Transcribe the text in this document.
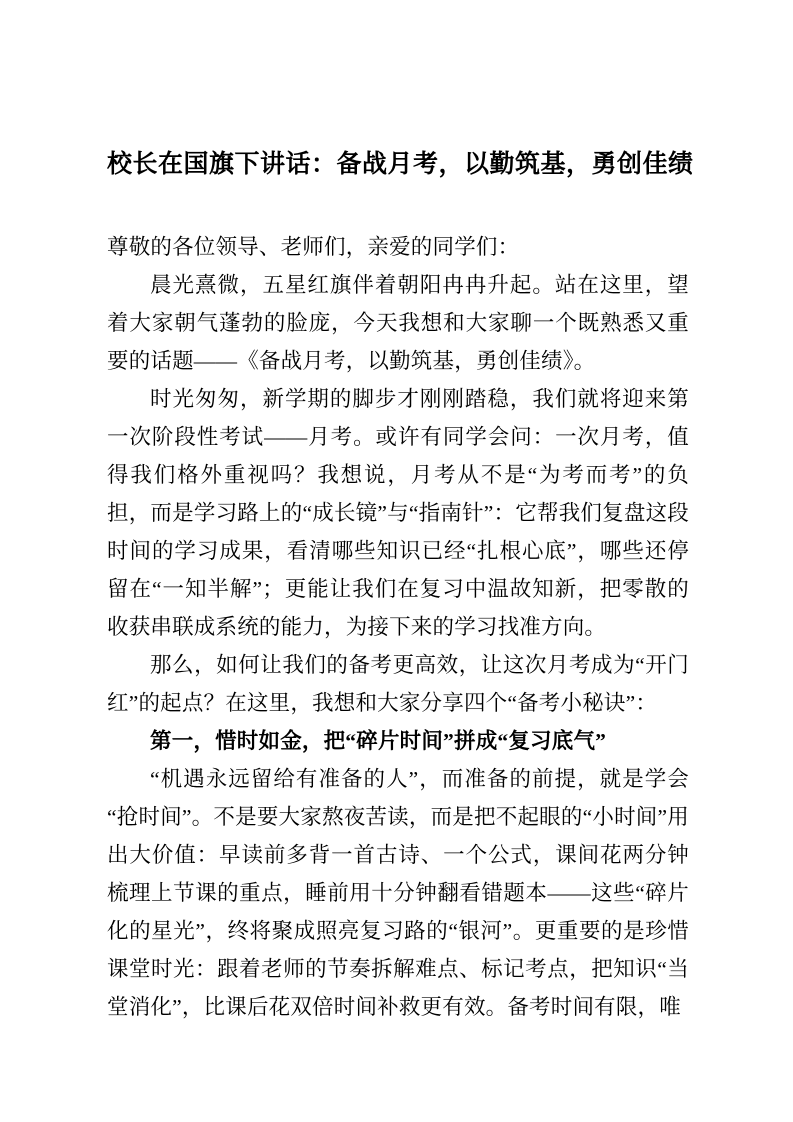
校长在国旗下讲话：备战月考，以勤筑基，勇创佳绩

尊敬的各位领导、老师们，亲爱的同学们：

晨光熹微，五星红旗伴着朝阳冉冉升起。站在这里，望着大家朝气蓬勃的脸庞，今天我想和大家聊一个既熟悉又重要的话题——《备战月考，以勤筑基，勇创佳绩》。

时光匆匆，新学期的脚步才刚刚踏稳，我们就将迎来第一次阶段性考试——月考。或许有同学会问：一次月考，值得我们格外重视吗？我想说，月考从不是“为考而考”的负担，而是学习路上的“成长镜”与“指南针”：它帮我们复盘这段时间的学习成果，看清哪些知识已经“扎根心底”，哪些还停留在“一知半解”；更能让我们在复习中温故知新，把零散的收获串联成系统的能力，为接下来的学习找准方向。

那么，如何让我们的备考更高效，让这次月考成为“开门红”的起点？在这里，我想和大家分享四个“备考小秘诀”：

第一，惜时如金，把“碎片时间”拼成“复习底气”

“机遇永远留给有准备的人”，而准备的前提，就是学会“抢时间”。不是要大家熬夜苦读，而是把不起眼的“小时间”用出大价值：早读前多背一首古诗、一个公式，课间花两分钟梳理上节课的重点，睡前用十分钟翻看错题本——这些“碎片化的星光”，终将聚成照亮复习路的“银河”。更重要的是珍惜课堂时光：跟着老师的节奏拆解难点、标记考点，把知识“当堂消化”，比课后花双倍时间补救更有效。备考时间有限，唯
